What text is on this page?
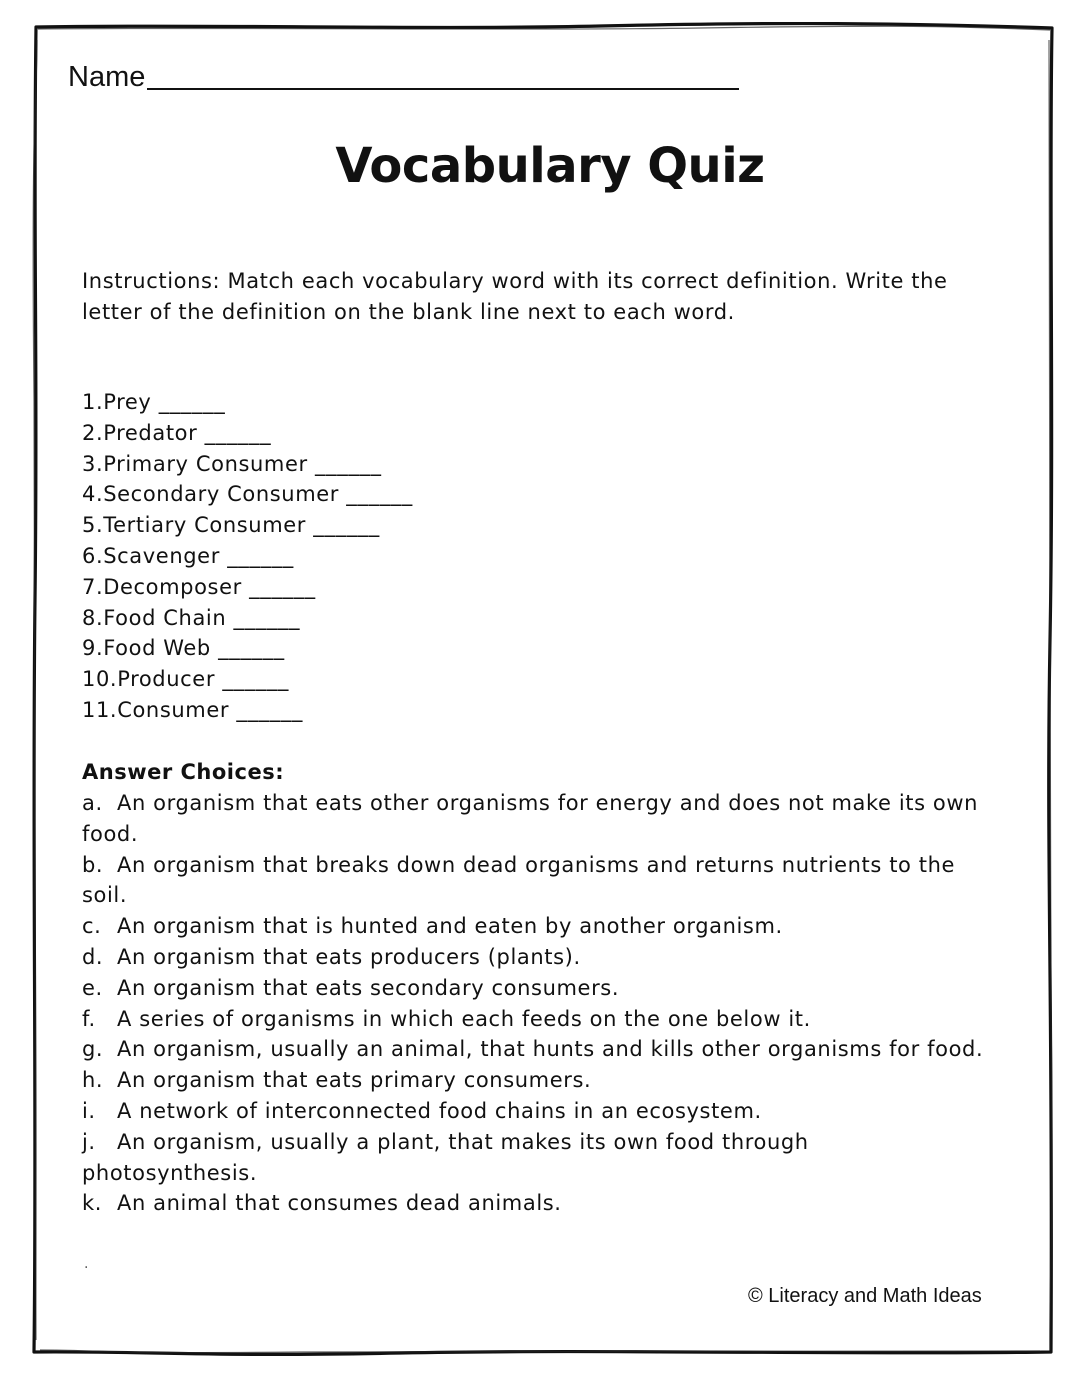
Name
Vocabulary Quiz
Instructions: Match each vocabulary word with its correct definition. Write the letter of the definition on the blank line next to each word.
1.Prey ______
2.Predator ______
3.Primary Consumer ______
4.Secondary Consumer ______
5.Tertiary Consumer ______
6.Scavenger ______
7.Decomposer ______
8.Food Chain ______
9.Food Web ______
10.Producer ______
11.Consumer ______
Answer Choices:
a. An organism that eats other organisms for energy and does not make its own food.
b. An organism that breaks down dead organisms and returns nutrients to the soil.
c. An organism that is hunted and eaten by another organism.
d. An organism that eats producers (plants).
e. An organism that eats secondary consumers.
f. A series of organisms in which each feeds on the one below it.
g. An organism, usually an animal, that hunts and kills other organisms for food.
h. An organism that eats primary consumers.
i. A network of interconnected food chains in an ecosystem.
j. An organism, usually a plant, that makes its own food through photosynthesis.
k. An animal that consumes dead animals.
.
© Literacy and Math Ideas
